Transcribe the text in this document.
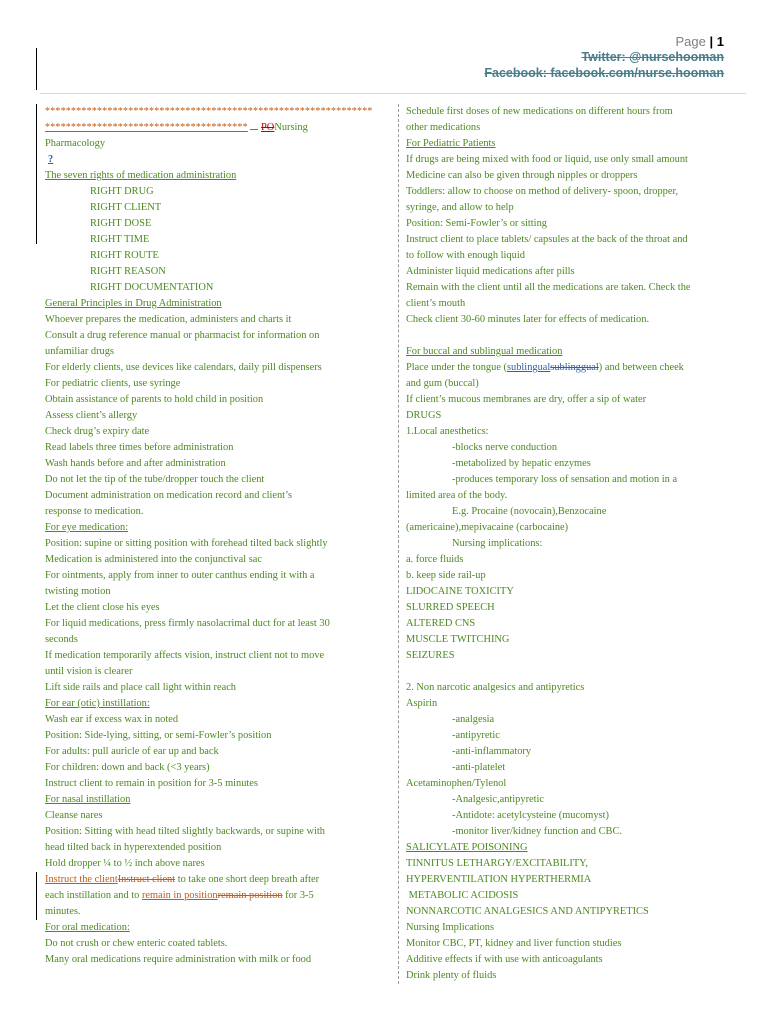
Page | 1
Twitter: @nursehooman
Facebook: facebook.com/nurse.hooman
***************************************************************
*************************************** PONursing
Pharmacology
?
The seven rights of medication administration
RIGHT DRUG
RIGHT CLIENT
RIGHT DOSE
RIGHT TIME
RIGHT ROUTE
RIGHT REASON
RIGHT DOCUMENTATION
General Principles in Drug Administration
Whoever prepares the medication, administers and charts it
Consult a drug reference manual or pharmacist for information on
unfamiliar drugs
For elderly clients, use devices like calendars, daily pill dispensers
For pediatric clients, use syringe
Obtain assistance of parents to hold child in position
Assess client’s allergy
Check drug’s expiry date
Read labels three times before administration
Wash hands before and after administration
Do not let the tip of the tube/dropper touch the client
Document administration on medication record and client’s
response to medication.
For eye medication:
Position: supine or sitting position with forehead tilted back slightly
Medication is administered into the conjunctival sac
For ointments, apply from inner to outer canthus ending it with a
twisting motion
Let the client close his eyes
For liquid medications, press firmly nasolacrimal duct for at least 30
seconds
If medication temporarily affects vision, instruct client not to move
until vision is clearer
Lift side rails and place call light within reach
For ear (otic) instillation:
Wash ear if excess wax in noted
Position: Side-lying, sitting, or semi-Fowler’s position
For adults: pull auricle of ear up and back
For children: down and back (<3 years)
Instruct client to remain in position for 3-5 minutes
For nasal instillation
Cleanse nares
Position: Sitting with head tilted slightly backwards, or supine with
head tilted back in hyperextended position
Hold dropper ¼ to ½ inch above nares
Instruct the clientInstruct client to take one short deep breath after
each instillation and to remain in positionremain position for 3-5
minutes.
For oral medication:
Do not crush or chew enteric coated tablets.
Many oral medications require administration with milk or food
Schedule first doses of new medications on different hours from
other medications
For Pediatric Patients
If drugs are being mixed with food or liquid, use only small amount
Medicine can also be given through nipples or droppers
Toddlers: allow to choose on method of delivery- spoon, dropper,
syringe, and allow to help
Position: Semi-Fowler’s or sitting
Instruct client to place tablets/ capsules at the back of the throat and
to follow with enough liquid
Administer liquid medications after pills
Remain with the client until all the medications are taken. Check the
client’s mouth
Check client 30-60 minutes later for effects of medication.
For buccal and sublingual medication
Place under the tongue (sublingualsublinggual) and between cheek
and gum (buccal)
If client’s mucous membranes are dry, offer a sip of water
DRUGS
1.Local anesthetics:
-blocks nerve conduction
-metabolized by hepatic enzymes
-produces temporary loss of sensation and motion in a
limited area of the body.
E.g. Procaine (novocain),Benzocaine
(americaine),mepivacaine (carbocaine)
Nursing implications:
a. force fluids
b. keep side rail-up
LIDOCAINE TOXICITY
SLURRED SPEECH
ALTERED CNS
MUSCLE TWITCHING
SEIZURES
2. Non narcotic analgesics and antipyretics
Aspirin
-analgesia
-antipyretic
-anti-inflammatory
-anti-platelet
Acetaminophen/Tylenol
-Analgesic,antipyretic
-Antidote: acetylcysteine (mucomyst)
-monitor liver/kidney function and CBC.
SALICYLATE POISONING
TINNITUS LETHARGY/EXCITABILITY,
HYPERVENTILATION HYPERTHERMIA
METABOLIC ACIDOSIS
NONNARCOTIC ANALGESICS AND ANTIPYRETICS
Nursing Implications
Monitor CBC, PT, kidney and liver function studies
Additive effects if with use with anticoagulants
Drink plenty of fluids
